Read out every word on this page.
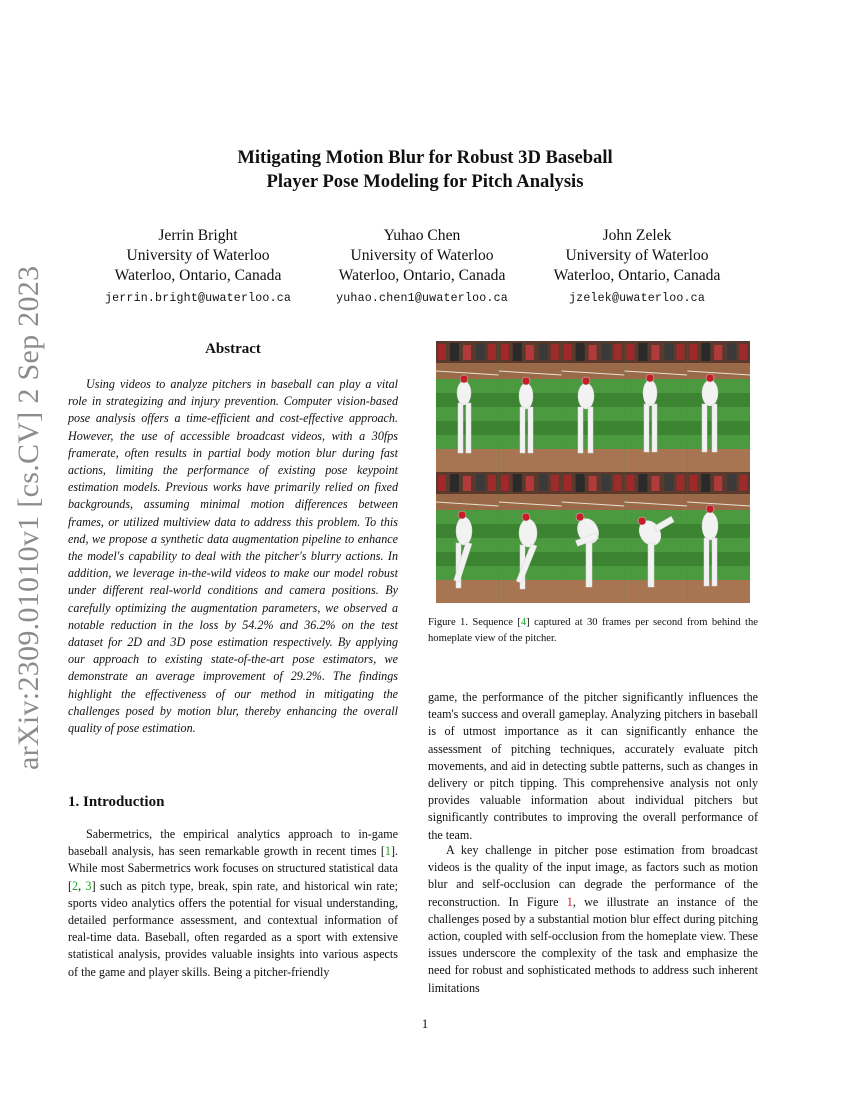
arXiv:2309.01010v1 [cs.CV] 2 Sep 2023
Mitigating Motion Blur for Robust 3D Baseball
Player Pose Modeling for Pitch Analysis
Jerrin Bright
University of Waterloo
Waterloo, Ontario, Canada
jerrin.bright@uwaterloo.ca
Yuhao Chen
University of Waterloo
Waterloo, Ontario, Canada
yuhao.chen1@uwaterloo.ca
John Zelek
University of Waterloo
Waterloo, Ontario, Canada
jzelek@uwaterloo.ca
Abstract
Using videos to analyze pitchers in baseball can play a vital role in strategizing and injury prevention. Computer vision-based pose analysis offers a time-efficient and cost-effective approach. However, the use of accessible broadcast videos, with a 30fps framerate, often results in partial body motion blur during fast actions, limiting the performance of existing pose keypoint estimation models. Previous works have primarily relied on fixed backgrounds, assuming minimal motion differences between frames, or utilized multiview data to address this problem. To this end, we propose a synthetic data augmentation pipeline to enhance the model's capability to deal with the pitcher's blurry actions. In addition, we leverage in-the-wild videos to make our model robust under different real-world conditions and camera positions. By carefully optimizing the augmentation parameters, we observed a notable reduction in the loss by 54.2% and 36.2% on the test dataset for 2D and 3D pose estimation respectively. By applying our approach to existing state-of-the-art pose estimators, we demonstrate an average improvement of 29.2%. The findings highlight the effectiveness of our method in mitigating the challenges posed by motion blur, thereby enhancing the overall quality of pose estimation.
1. Introduction
Sabermetrics, the empirical analytics approach to in-game baseball analysis, has seen remarkable growth in recent times [1]. While most Sabermetrics work focuses on structured statistical data [2, 3] such as pitch type, break, spin rate, and historical win rate; sports video analytics offers the potential for visual understanding, detailed performance assessment, and contextual information of real-time data. Baseball, often regarded as a sport with extensive statistical analysis, provides valuable insights into various aspects of the game and player skills. Being a pitcher-friendly
Figure 1. Sequence [4] captured at 30 frames per second from behind the homeplate view of the pitcher.
game, the performance of the pitcher significantly influences the team's success and overall gameplay. Analyzing pitchers in baseball is of utmost importance as it can significantly enhance the assessment of pitching techniques, accurately evaluate pitch movements, and aid in detecting subtle patterns, such as changes in delivery or pitch tipping. This comprehensive analysis not only provides valuable information about individual pitchers but significantly contributes to improving the overall performance of the team.
A key challenge in pitcher pose estimation from broadcast videos is the quality of the input image, as factors such as motion blur and self-occlusion can degrade the performance of the reconstruction. In Figure 1, we illustrate an instance of the challenges posed by a substantial motion blur effect during pitching action, coupled with self-occlusion from the homeplate view. These issues underscore the complexity of the task and emphasize the need for robust and sophisticated methods to address such inherent limitations
1
